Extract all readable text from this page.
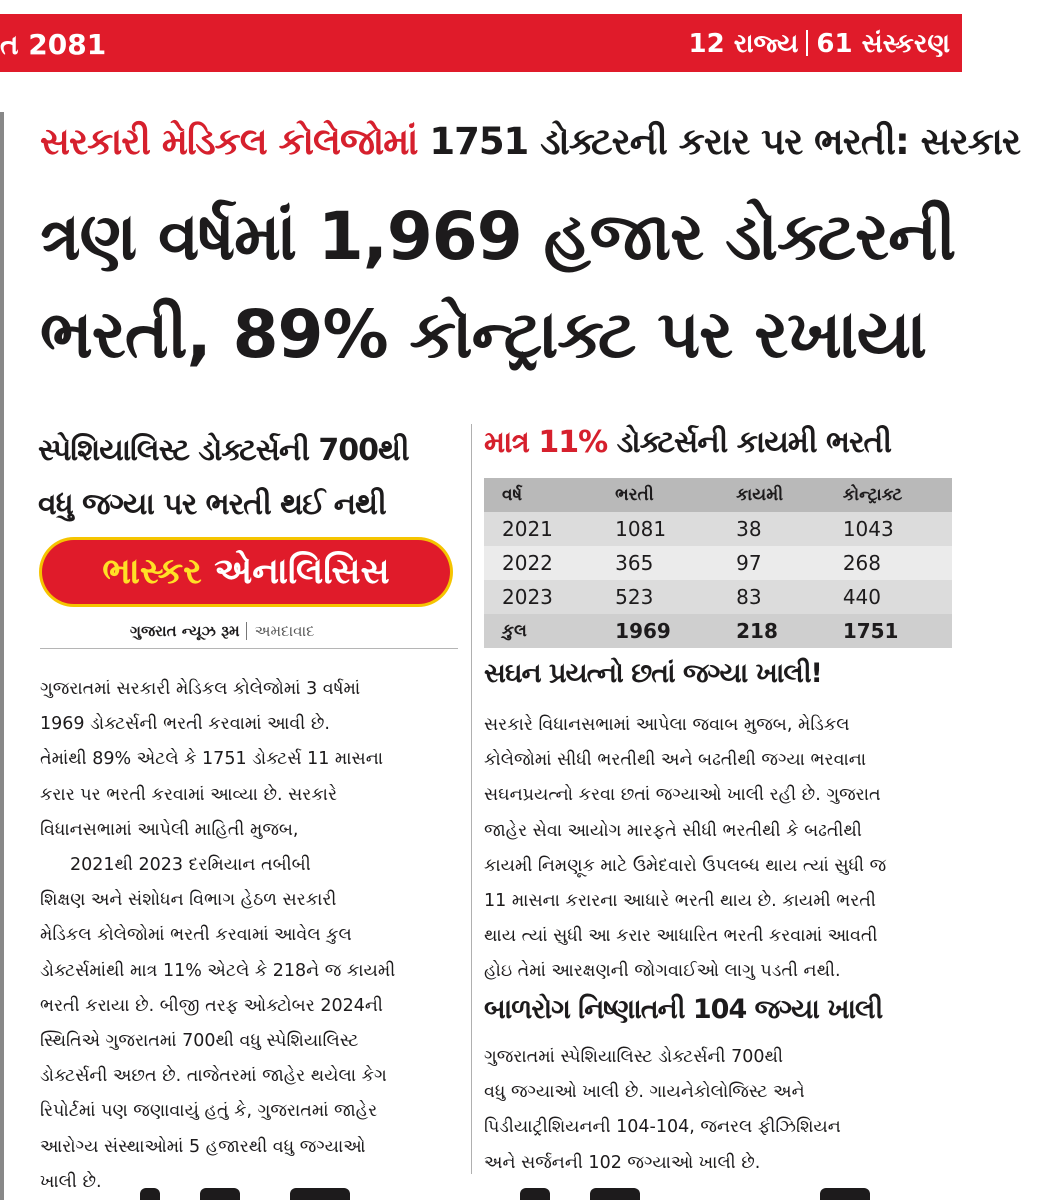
ત 2081	12 રાજ્ય 61 સંસ્કરણ
સરકારી મેડિકલ કોલેજોમાં 1751 ડોક્ટરની કરાર પર ભરતી: સરકાર
ત્રણ વર્ષમાં 1,969 હજાર ડોક્ટરની
ભરતી, 89% કોન્ટ્રાક્ટ પર રખાયા
સ્પેશિયાલિસ્ટ ડોક્ટર્સની 700થી
વધુ જગ્યા પર ભરતી થઈ નથી
ભાસ્કર એનાલિસિસ
ગુજરાત ન્યૂઝ રૂમ અમદાવાદ

ગુજરાતમાં સરકારી મેડિકલ કોલેજોમાં 3 વર્ષમાં

1969 ડોક્ટર્સની ભરતી કરવામાં આવી છે.

તેમાંથી 89% એટલે કે 1751 ડોક્ટર્સ 11 માસના

કરાર પર ભરતી કરવામાં આવ્યા છે. સરકારે

વિધાનસભામાં આપેલી માહિતી મુજબ,

2021થી 2023 દરમિયાન તબીબી

શિક્ષણ અને સંશોધન વિભાગ હેઠળ સરકારી

મેડિકલ કોલેજોમાં ભરતી કરવામાં આવેલ કુલ

ડોક્ટર્સમાંથી માત્ર 11% એટલે કે 218ને જ કાયમી

ભરતી કરાયા છે. બીજી તરફ ઓક્ટોબર 2024ની

સ્થિતિએ ગુજરાતમાં 700થી વધુ સ્પેશિયાલિસ્ટ

ડોક્ટર્સની અછત છે. તાજેતરમાં જાહેર થયેલા કેગ

રિપોર્ટમાં પણ જણાવાયું હતું કે, ગુજરાતમાં જાહેર

આરોગ્ય સંસ્થાઓમાં 5 હજારથી વધુ જગ્યાઓ

ખાલી છે.

માત્ર 11% ડોક્ટર્સની કાયમી ભરતી
વર્ષ	ભરતી	કાયમી	કોન્ટ્રાક્ટ
2021	1081	38	1043
2022	365	97	268
2023	523	83	440
કુલ	1969	218	1751
સઘન પ્રયત્નો છતાં જગ્યા ખાલી!

સરકારે વિધાનસભામાં આપેલા જવાબ મુજબ, મેડિકલ

કોલેજોમાં સીધી ભરતીથી અને બઢતીથી જગ્યા ભરવાના

સઘનપ્રયત્નો કરવા છતાં જગ્યાઓ ખાલી રહી છે. ગુજરાત

જાહેર સેવા આયોગ મારફતે સીધી ભરતીથી કે બઢતીથી

કાયમી નિમણૂક માટે ઉમેદવારો ઉપલબ્ધ થાય ત્યાં સુધી જ

11 માસના કરારના આધારે ભરતી થાય છે. કાયમી ભરતી

થાય ત્યાં સુધી આ કરાર આધારિત ભરતી કરવામાં આવતી

હોઇ તેમાં આરક્ષણની જોગવાઈઓ લાગુ પડતી નથી.

બાળરોગ નિષ્ણાતની 104 જગ્યા ખાલી

ગુજરાતમાં સ્પેશિયાલિસ્ટ ડોક્ટર્સની 700થી

વધુ જગ્યાઓ ખાલી છે. ગાયનેકોલોજિસ્ટ અને

પિડીયાટ્રીશિયનની 104-104, જનરલ ફીઝિશિયન

અને સર્જનની 102 જગ્યાઓ ખાલી છે.
